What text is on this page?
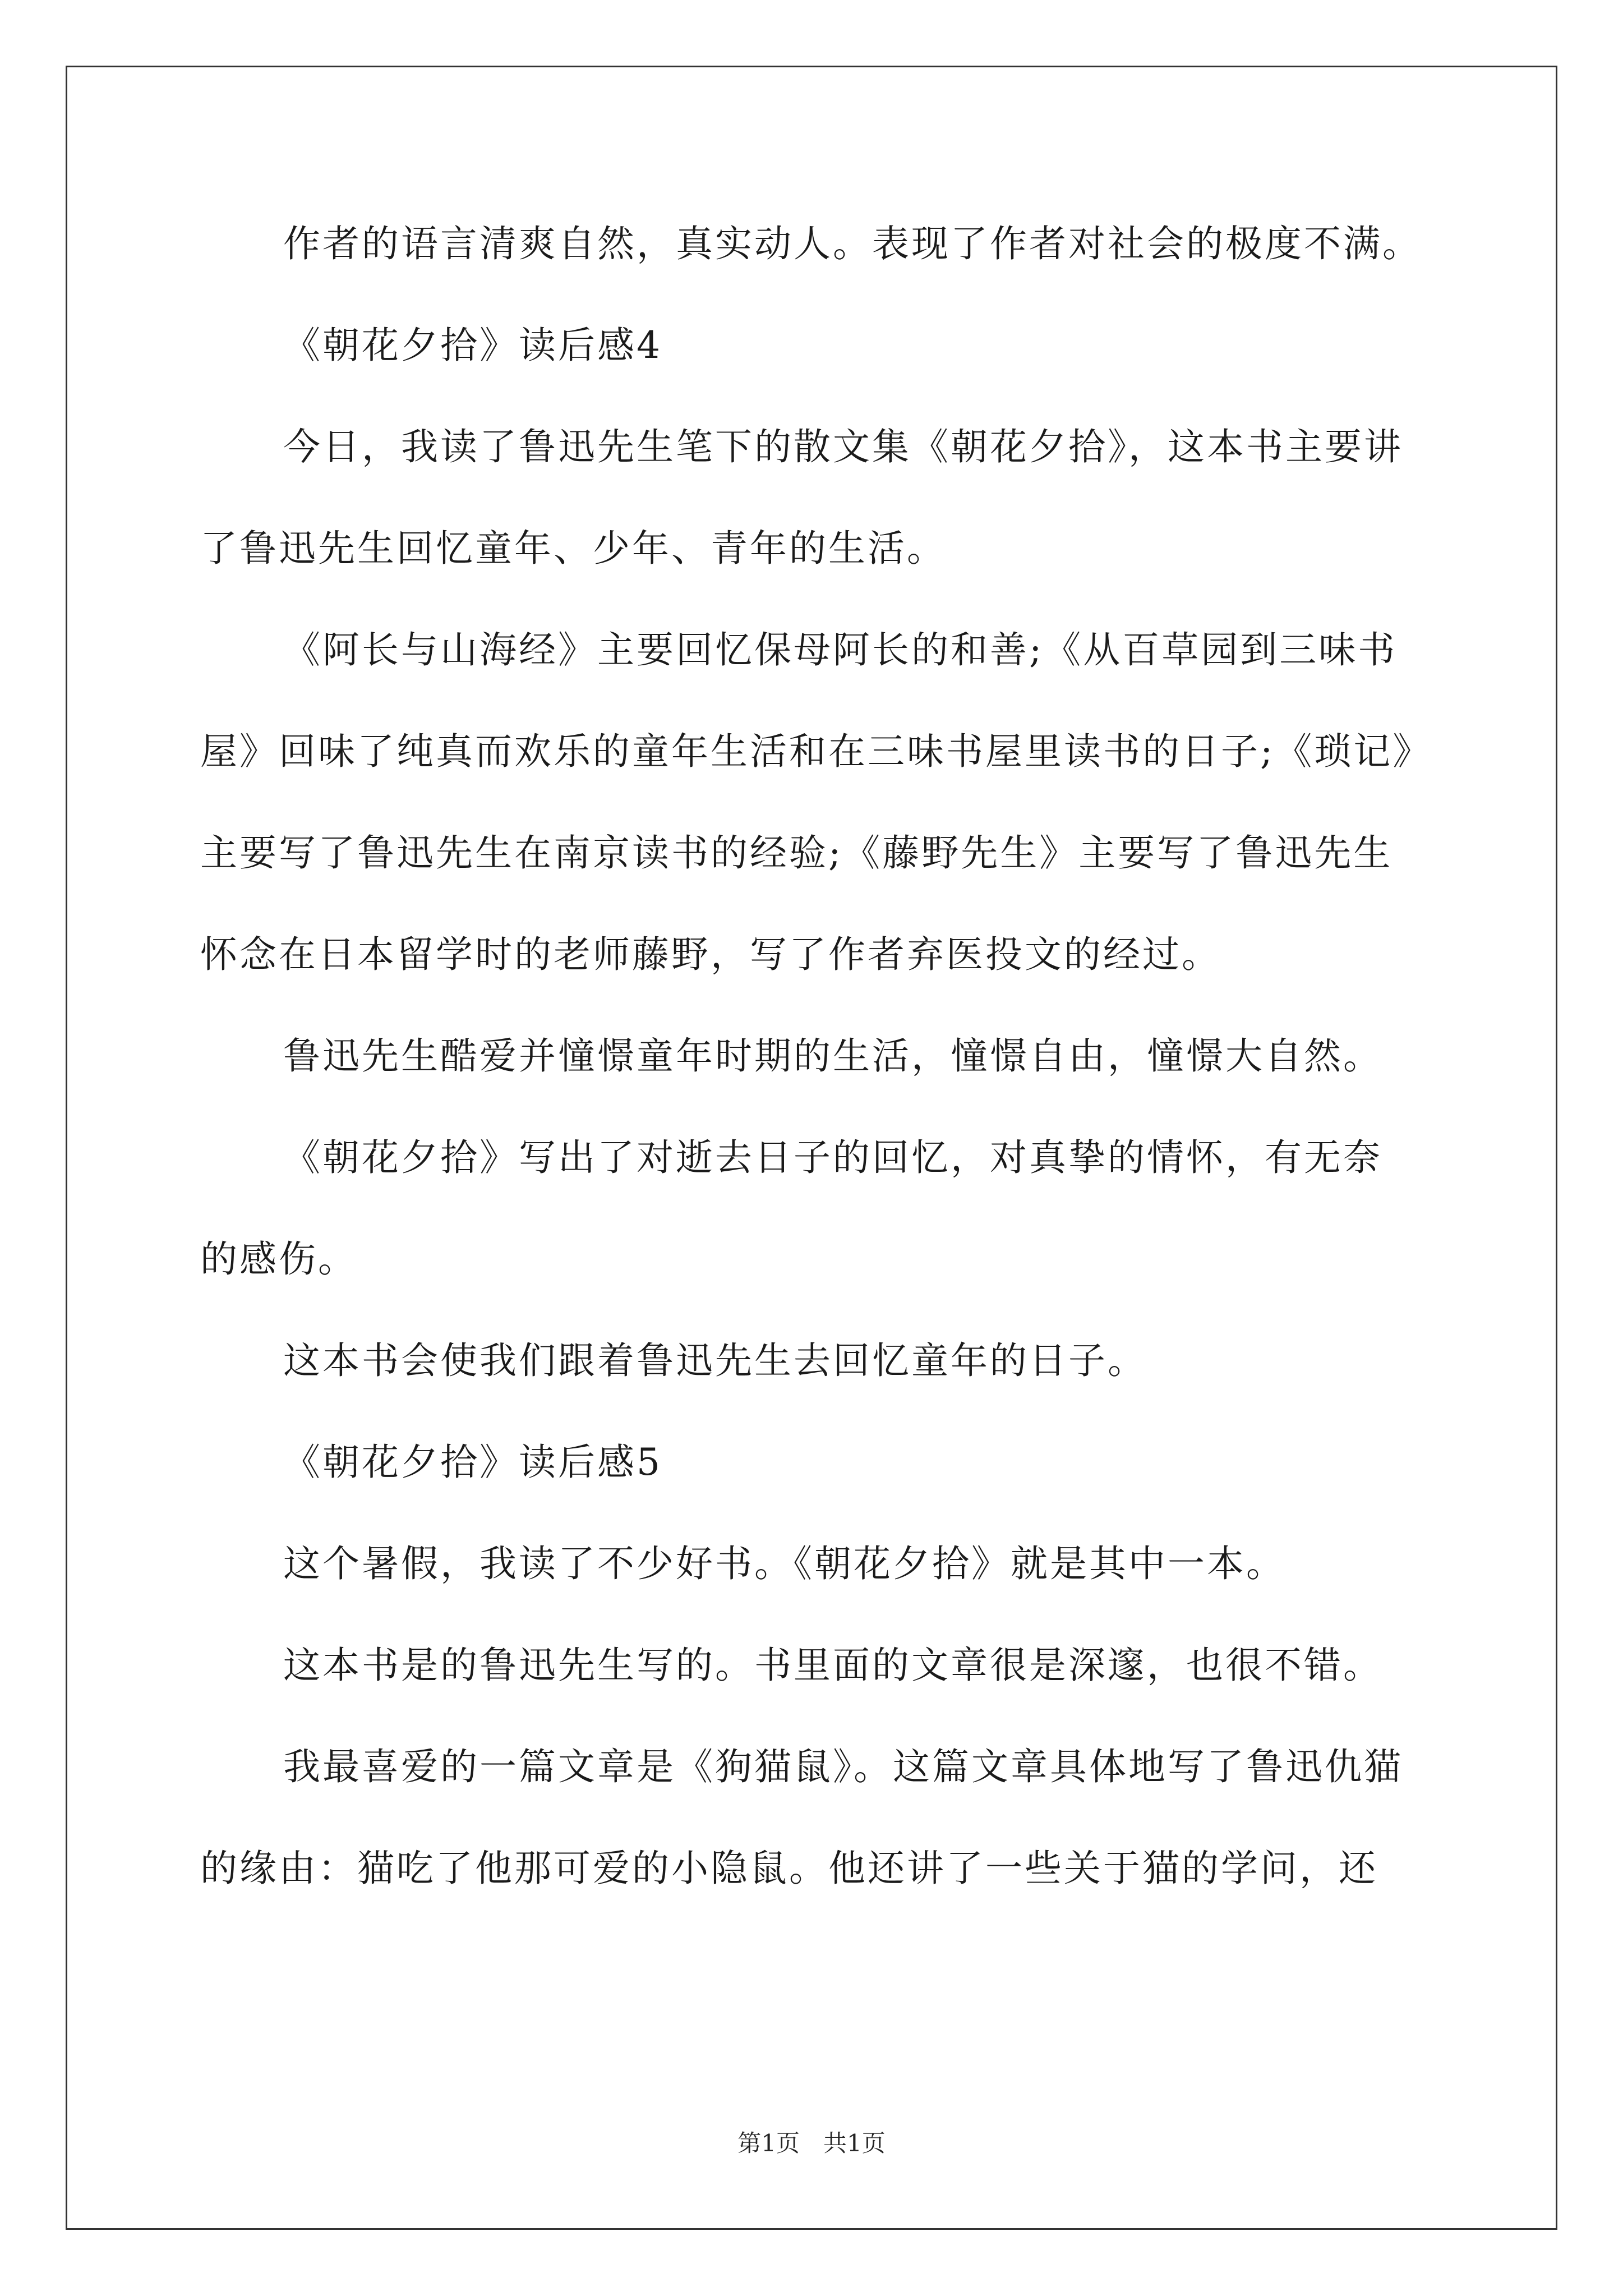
作者的语言清爽自然，真实动人。表现了作者对社会的极度不满。
《朝花夕拾》读后感4
今日，我读了鲁迅先生笔下的散文集《朝花夕拾》，这本书主要讲
了鲁迅先生回忆童年、少年、青年的生活。
《阿长与山海经》主要回忆保母阿长的和善;《从百草园到三味书
屋》回味了纯真而欢乐的童年生活和在三味书屋里读书的日子;《琐记》
主要写了鲁迅先生在南京读书的经验;《藤野先生》主要写了鲁迅先生
怀念在日本留学时的老师藤野，写了作者弃医投文的经过。
鲁迅先生酷爱并憧憬童年时期的生活，憧憬自由，憧憬大自然。
《朝花夕拾》写出了对逝去日子的回忆，对真挚的情怀，有无奈
的感伤。
这本书会使我们跟着鲁迅先生去回忆童年的日子。
《朝花夕拾》读后感5
这个暑假，我读了不少好书。《朝花夕拾》就是其中一本。
这本书是的鲁迅先生写的。书里面的文章很是深邃，也很不错。
我最喜爱的一篇文章是《狗猫鼠》。这篇文章具体地写了鲁迅仇猫
的缘由：猫吃了他那可爱的小隐鼠。他还讲了一些关于猫的学问，还
第1页　共1页
